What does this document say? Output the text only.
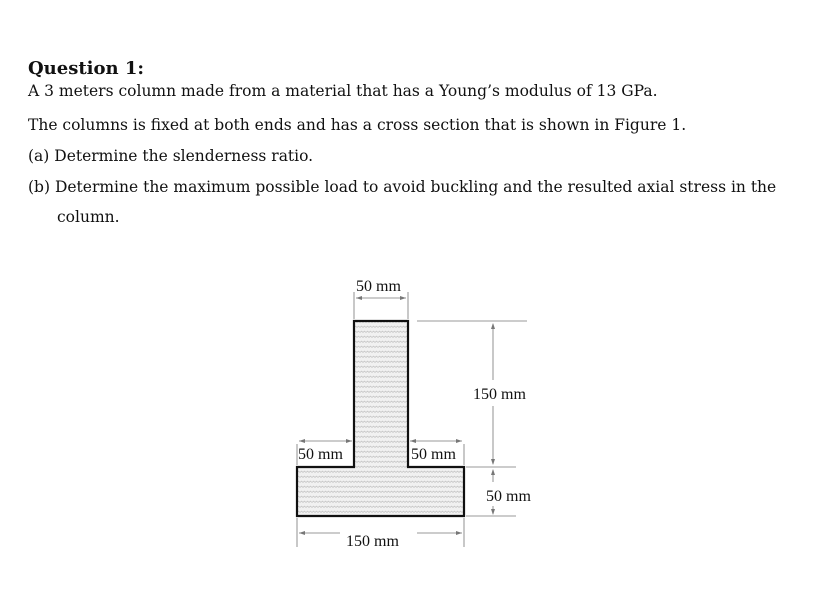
Question 1:
A 3 meters column made from a material that has a Young’s modulus of 13 GPa.
The columns is fixed at both ends and has a cross section that is shown in Figure 1.
(a) Determine the slenderness ratio.
(b) Determine the maximum possible load to avoid buckling and the resulted axial stress in the
column.
50 mm
150 mm
50 mm
50 mm	50 mm
150 mm
